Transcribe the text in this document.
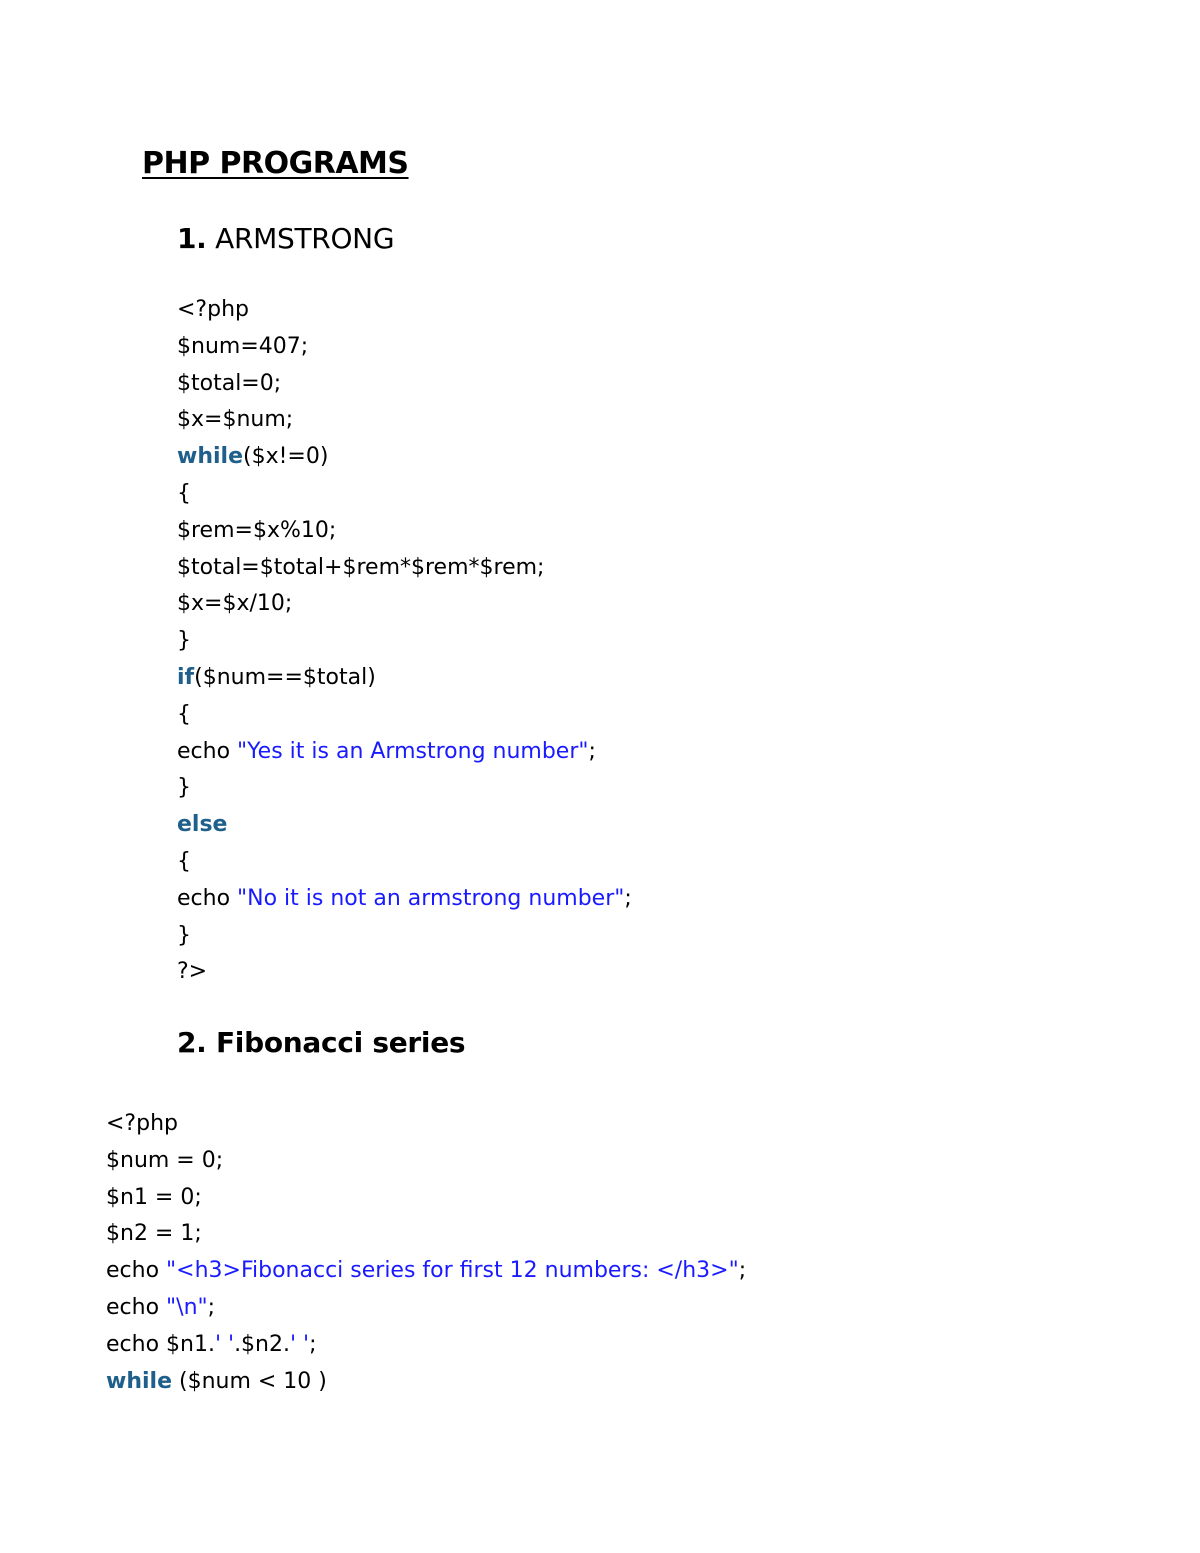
PHP PROGRAMS
1. ARMSTRONG
<?php
$num=407;
$total=0;
$x=$num;
while($x!=0)
{
$rem=$x%10;
$total=$total+$rem*$rem*$rem;
$x=$x/10;
}
if($num==$total)
{
echo "Yes it is an Armstrong number";
}
else
{
echo "No it is not an armstrong number";
}
?>
2. Fibonacci series
<?php
$num = 0;
$n1 = 0;
$n2 = 1;
echo "<h3>Fibonacci series for first 12 numbers: </h3>";
echo "\n";
echo $n1.' '.$n2.' ';
while ($num < 10 )
